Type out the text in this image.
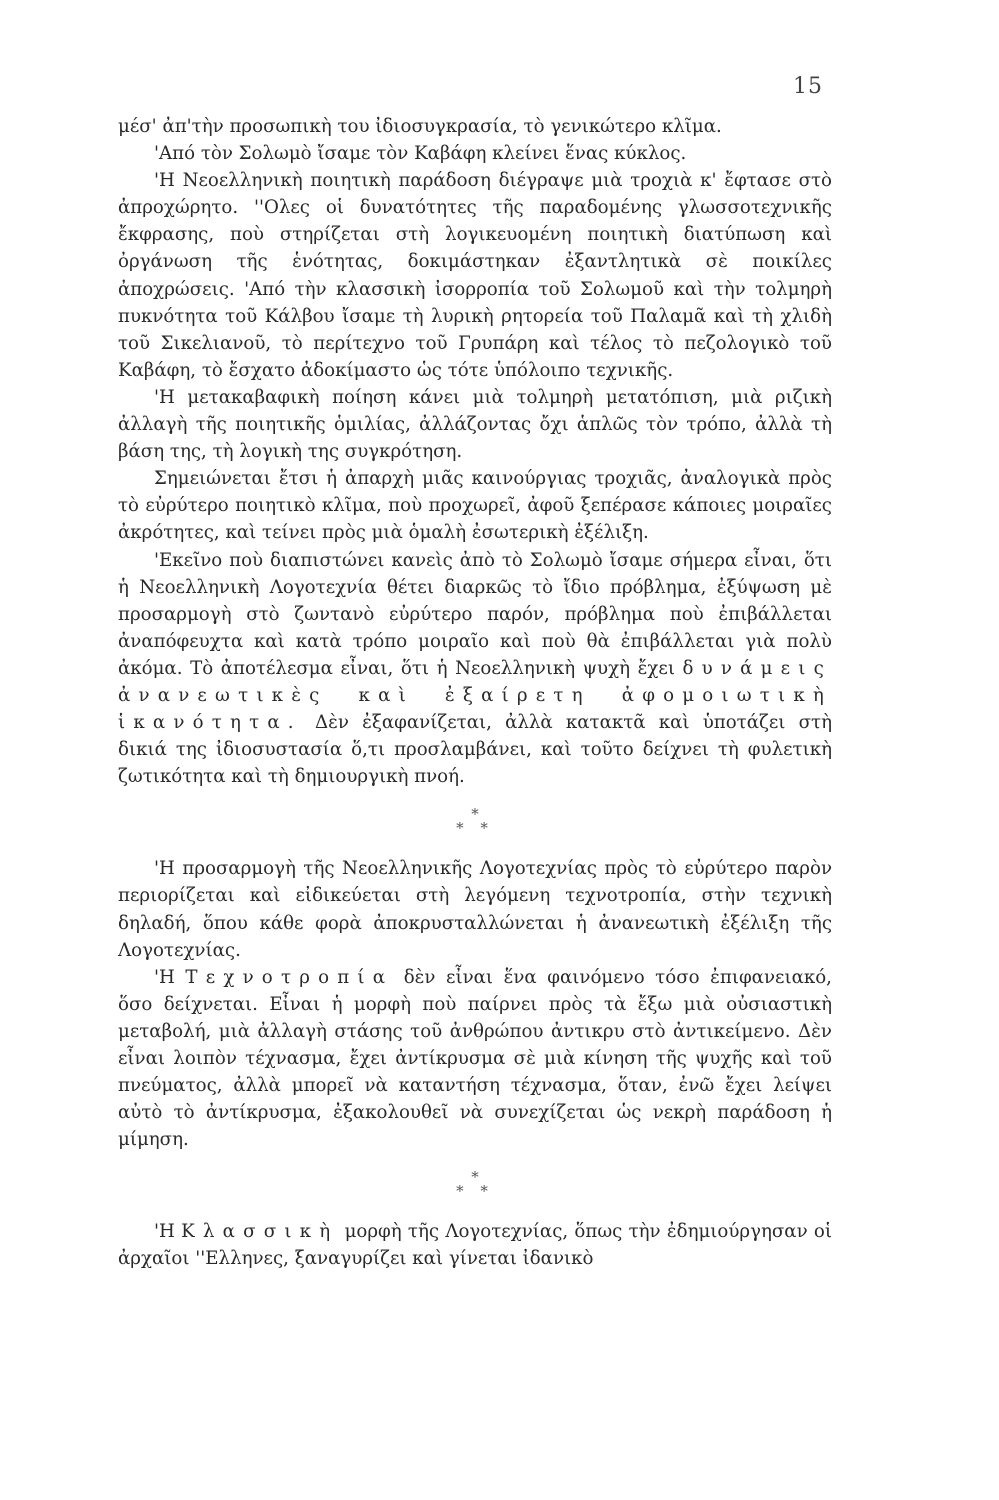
15

μέσ' ἀπ'τὴν προσωπικὴ του ἰδιοσυγκρασία, τὸ γενικώτερο κλῖμα.

'Από τὸν Σολωμὸ ἴσαμε τὸν Καβάφη κλείνει ἕνας κύκλος.

'Η Νεοελληνικὴ ποιητικὴ παράδοση διέγραψε μιὰ τροχιὰ κ' ἔφτασε στὸ ἀπροχώρητο. ''Ολες οἱ δυνατότητες τῆς παραδομένης γλωσσοτεχνικῆς ἔκφρασης, ποὺ στηρίζεται στὴ λογικευομένη ποιητικὴ διατύπωση καὶ ὀργάνωση τῆς ἑνότητας, δοκιμάστηκαν ἐξαντλητικὰ σὲ ποικίλες ἀποχρώσεις. 'Από τὴν κλασσικὴ ἰσορροπία τοῦ Σολωμοῦ καὶ τὴν τολμηρὴ πυκνότητα τοῦ Κάλβου ἴσαμε τὴ λυρικὴ ρητορεία τοῦ Παλαμᾶ καὶ τὴ χλιδὴ τοῦ Σικελιανοῦ, τὸ περίτεχνο τοῦ Γρυπάρη καὶ τέλος τὸ πεζολογικὸ τοῦ Καβάφη, τὸ ἔσχατο ἀδοκίμαστο ὡς τότε ὑπόλοιπο τεχνικῆς.

'Η μετακαβαφικὴ ποίηση κάνει μιὰ τολμηρὴ μετατόπιση, μιὰ ριζικὴ ἀλλαγὴ τῆς ποιητικῆς ὁμιλίας, ἀλλάζοντας ὄχι ἁπλῶς τὸν τρόπο, ἀλλὰ τὴ βάση της, τὴ λογικὴ της συγκρότηση.

Σημειώνεται ἔτσι ἡ ἀπαρχὴ μιᾶς καινούργιας τροχιᾶς, ἀναλογικὰ πρὸς τὸ εὐρύτερο ποιητικὸ κλῖμα, ποὺ προχωρεῖ, ἀφοῦ ξεπέρασε κάποιες μοιραῖες ἀκρότητες, καὶ τείνει πρὸς μιὰ ὁμαλὴ ἐσωτερικὴ ἐξέλιξη.

'Εκεῖνο ποὺ διαπιστώνει κανεὶς ἀπὸ τὸ Σολωμὸ ἴσαμε σήμερα εἶναι, ὅτι ἡ Νεοελληνικὴ Λογοτεχνία θέτει διαρκῶς τὸ ἴδιο πρόβλημα, ἐξύψωση μὲ προσαρμογὴ στὸ ζωντανὸ εὐρύτερο παρόν, πρόβλημα ποὺ ἐπιβάλλεται ἀναπόφευχτα καὶ κατὰ τρόπο μοιραῖο καὶ ποὺ θὰ ἐπιβάλλεται γιὰ πολὺ ἀκόμα. Τὸ ἀποτέλεσμα εἶναι, ὅτι ἡ Νεοελληνικὴ ψυχὴ ἔχει δυνάμεις ἀνανεωτικὲς καὶ ἐξαίρετη ἀφομοιωτικὴ ἱκανότητα. Δὲν ἐξαφανίζεται, ἀλλὰ κατακτᾶ καὶ ὑποτάζει στὴ δικιά της ἰδιοσυστασία ὅ,τι προσλαμβάνει, καὶ τοῦτο δείχνει τὴ φυλετικὴ ζωτικότητα καὶ τὴ δημιουργικὴ πνοή.

*
* *

'Η προσαρμογὴ τῆς Νεοελληνικῆς Λογοτεχνίας πρὸς τὸ εὐρύτερο παρὸν περιορίζεται καὶ εἰδικεύεται στὴ λεγόμενη τεχνοτροπία, στὴν τεχνικὴ δηλαδή, ὅπου κάθε φορὰ ἀποκρυσταλλώνεται ἡ ἀνανεωτικὴ ἐξέλιξη τῆς Λογοτεχνίας.

'Η Τεχνοτροπία δὲν εἶναι ἕνα φαινόμενο τόσο ἐπιφανειακό, ὅσο δείχνεται. Εἶναι ἡ μορφὴ ποὺ παίρνει πρὸς τὰ ἔξω μιὰ οὐσιαστικὴ μεταβολή, μιὰ ἀλλαγὴ στάσης τοῦ ἀνθρώπου ἀντικρυ στὸ ἀντικείμενο. Δὲν εἶναι λοιπὸν τέχνασμα, ἔχει ἀντίκρυσμα σὲ μιὰ κίνηση τῆς ψυχῆς καὶ τοῦ πνεύματος, ἀλλὰ μπορεῖ νὰ καταντήση τέχνασμα, ὅταν, ἐνῶ ἔχει λείψει αὐτὸ τὸ ἀντίκρυσμα, ἐξακολουθεῖ νὰ συνεχίζεται ὡς νεκρὴ παράδοση ἡ μίμηση.

*
* *

'Η Κλασσικὴ μορφὴ τῆς Λογοτεχνίας, ὅπως τὴν ἐδημιούργησαν οἱ ἀρχαῖοι ''Ελληνες, ξαναγυρίζει καὶ γίνεται ἰδανικὸ
